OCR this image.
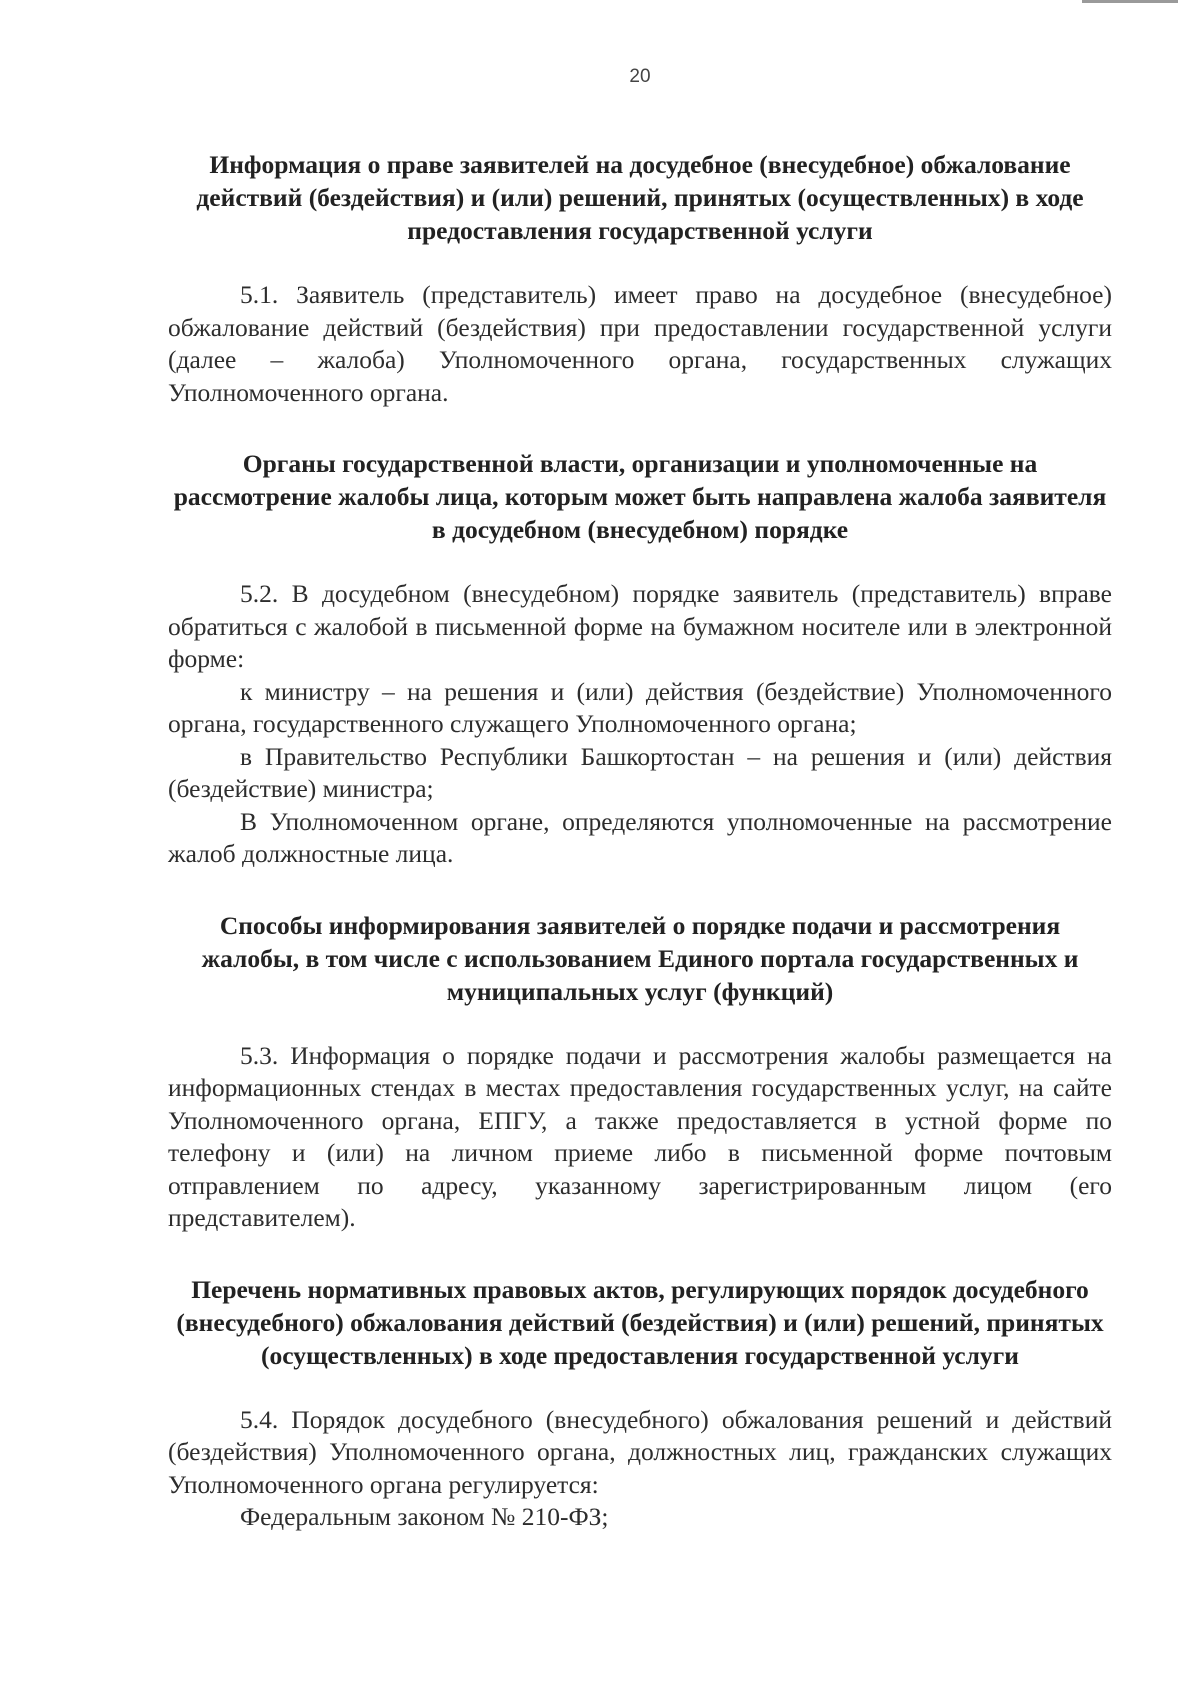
20
Информация о праве заявителей на досудебное (внесудебное) обжалование действий (бездействия) и (или) решений, принятых (осуществленных) в ходе предоставления государственной услуги

5.1. Заявитель (представитель) имеет право на досудебное (внесудебное) обжалование действий (бездействия) при предоставлении государственной услуги (далее – жалоба) Уполномоченного органа, государственных служащих Уполномоченного органа.

Органы государственной власти, организации и уполномоченные на рассмотрение жалобы лица, которым может быть направлена жалоба заявителя в досудебном (внесудебном) порядке

5.2. В досудебном (внесудебном) порядке заявитель (представитель) вправе обратиться с жалобой в письменной форме на бумажном носителе или в электронной форме:

к министру – на решения и (или) действия (бездействие) Уполномоченного органа, государственного служащего Уполномоченного органа;

в Правительство Республики Башкортостан – на решения и (или) действия (бездействие) министра;

В Уполномоченном органе, определяются уполномоченные на рассмотрение жалоб должностные лица.

Способы информирования заявителей о порядке подачи и рассмотрения жалобы, в том числе с использованием Единого портала государственных и муниципальных услуг (функций)

5.3. Информация о порядке подачи и рассмотрения жалобы размещается на информационных стендах в местах предоставления государственных услуг, на сайте Уполномоченного органа, ЕПГУ, а также предоставляется в устной форме по телефону и (или) на личном приеме либо в письменной форме почтовым отправлением по адресу, указанному зарегистрированным лицом (его представителем).

Перечень нормативных правовых актов, регулирующих порядок досудебного (внесудебного) обжалования действий (бездействия) и (или) решений, принятых (осуществленных) в ходе предоставления государственной услуги

5.4. Порядок досудебного (внесудебного) обжалования решений и действий (бездействия) Уполномоченного органа, должностных лиц, гражданских служащих Уполномоченного органа регулируется:

Федеральным законом № 210-ФЗ;
